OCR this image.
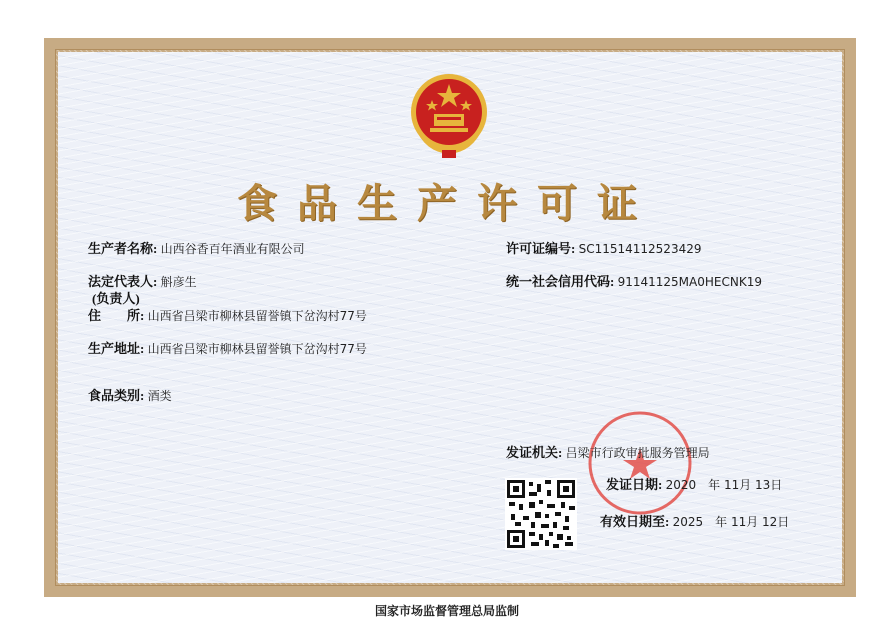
食品生产许可证
生产者名称: 山西谷香百年酒业有限公司
法定代表人: 斛彦生
(负责人)
住　　所: 山西省吕梁市柳林县留誉镇下岔沟村77号
生产地址: 山西省吕梁市柳林县留誉镇下岔沟村77号
食品类别: 酒类
许可证编号: SC11514112523429
统一社会信用代码: 91141125MA0HECNK19
发证机关: 吕梁市行政审批服务管理局
发证日期: 2020　年 11月 13日
有效日期至: 2025　年 11月 12日
国家市场监督管理总局监制
